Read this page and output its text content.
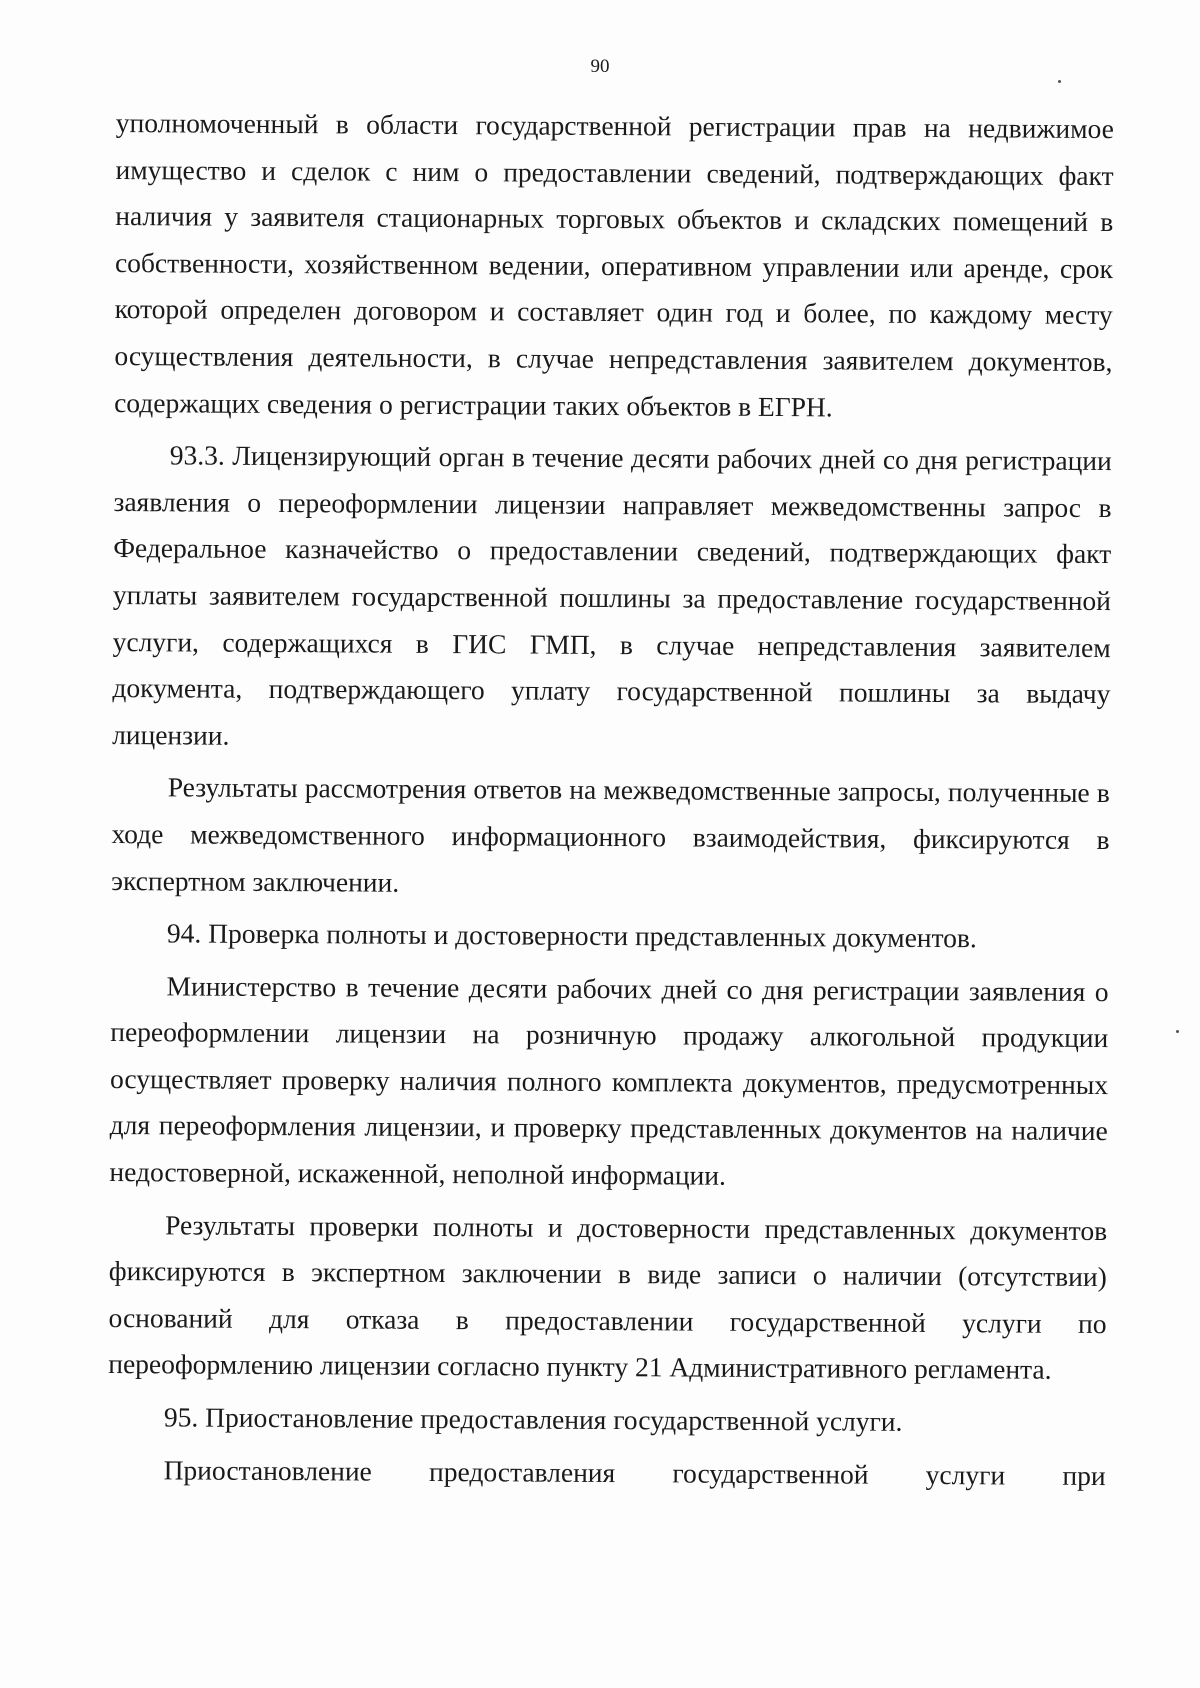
90

уполномоченный в области государственной регистрации прав на недвижимое имущество и сделок с ним о предоставлении сведений, подтверждающих факт наличия у заявителя стационарных торговых объектов и складских помещений в собственности, хозяйственном ведении, оперативном управлении или аренде, срок которой определен договором и составляет один год и более, по каждому месту осуществления деятельности, в случае непредставления заявителем документов, содержащих сведения о регистрации таких объектов в ЕГРН.

93.3. Лицензирующий орган в течение десяти рабочих дней со дня регистрации заявления о переоформлении лицензии направляет межведомственны запрос в Федеральное казначейство о предоставлении сведений, подтверждающих факт уплаты заявителем государственной пошлины за предоставление государственной услуги, содержащихся в ГИС ГМП, в случае непредставления заявителем документа, подтверждающего уплату государственной пошлины за выдачу лицензии.

Результаты рассмотрения ответов на межведомственные запросы, полученные в ходе межведомственного информационного взаимодействия, фиксируются в экспертном заключении.

94. Проверка полноты и достоверности представленных документов.

Министерство в течение десяти рабочих дней со дня регистрации заявления о переоформлении лицензии на розничную продажу алкогольной продукции осуществляет проверку наличия полного комплекта документов, предусмотренных для переоформления лицензии, и проверку представленных документов на наличие недостоверной, искаженной, неполной информации.

Результаты проверки полноты и достоверности представленных документов фиксируются в экспертном заключении в виде записи о наличии (отсутствии) оснований для отказа в предоставлении государственной услуги по переоформлению лицензии согласно пункту 21 Административного регламента.

95. Приостановление предоставления государственной услуги.

Приостановление предоставления государственной услуги при
